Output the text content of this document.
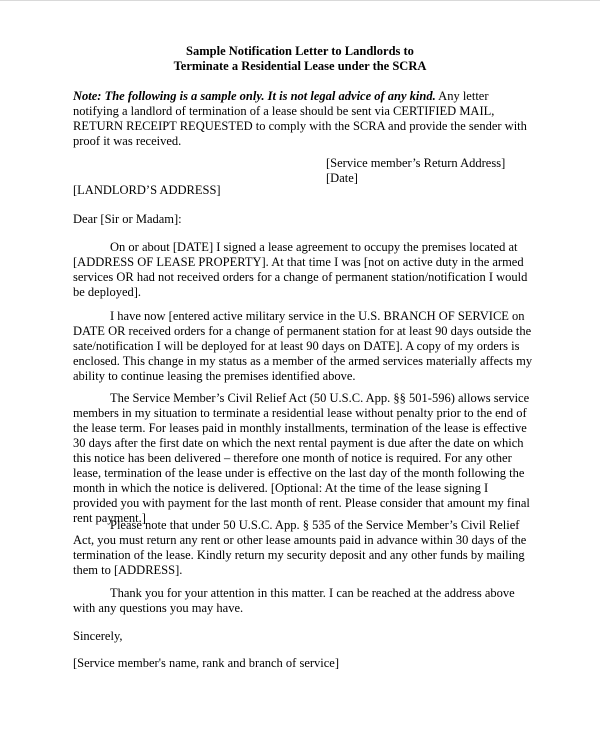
Sample Notification Letter to Landlords to
Terminate a Residential Lease under the SCRA
Note: The following is a sample only. It is not legal advice of any kind. Any letter notifying a landlord of termination of a lease should be sent via CERTIFIED MAIL, RETURN RECEIPT REQUESTED to comply with the SCRA and provide the sender with proof it was received.
[Service member’s Return Address]
[Date]
[LANDLORD’S ADDRESS]
Dear [Sir or Madam]:
On or about [DATE] I signed a lease agreement to occupy the premises located at [ADDRESS OF LEASE PROPERTY]. At that time I was [not on active duty in the armed services OR had not received orders for a change of permanent station/notification I would be deployed].
I have now [entered active military service in the U.S. BRANCH OF SERVICE on DATE OR received orders for a change of permanent station for at least 90 days outside the sate/notification I will be deployed for at least 90 days on DATE]. A copy of my orders is enclosed. This change in my status as a member of the armed services materially affects my ability to continue leasing the premises identified above.
The Service Member’s Civil Relief Act (50 U.S.C. App. §§ 501-596) allows service members in my situation to terminate a residential lease without penalty prior to the end of the lease term. For leases paid in monthly installments, termination of the lease is effective 30 days after the first date on which the next rental payment is due after the date on which this notice has been delivered – therefore one month of notice is required. For any other lease, termination of the lease under is effective on the last day of the month following the month in which the notice is delivered. [Optional: At the time of the lease signing I provided you with payment for the last month of rent. Please consider that amount my final rent payment.]
Please note that under 50 U.S.C. App. § 535 of the Service Member’s Civil Relief Act, you must return any rent or other lease amounts paid in advance within 30 days of the termination of the lease. Kindly return my security deposit and any other funds by mailing them to [ADDRESS].
Thank you for your attention in this matter. I can be reached at the address above with any questions you may have.
Sincerely,
[Service member's name, rank and branch of service]
